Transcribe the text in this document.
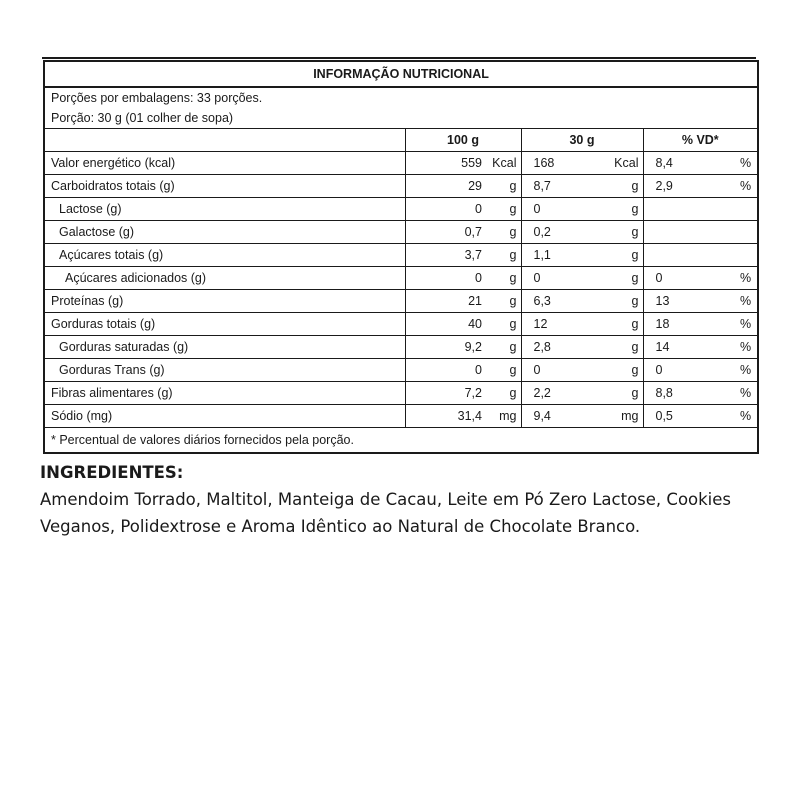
INFORMAÇÃO NUTRICIONAL						
Porções por embalagens: 33 porções.						
Porção: 30 g (01 colher de sopa)						
	100 g		30 g		% VD*	
Valor energético (kcal)	559	Kcal	168	Kcal	8,4	%
Carboidratos totais (g)	29	g	8,7	g	2,9	%
Lactose (g)	0	g	0	g		
Galactose (g)	0,7	g	0,2	g		
Açúcares totais (g)	3,7	g	1,1	g		
Açúcares adicionados (g)	0	g	0	g	0	%
Proteínas (g)	21	g	6,3	g	13	%
Gorduras totais (g)	40	g	12	g	18	%
Gorduras saturadas (g)	9,2	g	2,8	g	14	%
Gorduras Trans (g)	0	g	0	g	0	%
Fibras alimentares (g)	7,2	g	2,2	g	8,8	%
Sódio (mg)	31,4	mg	9,4	mg	0,5	%
* Percentual de valores diários fornecidos pela porção.						
INGREDIENTES:
Amendoim Torrado, Maltitol, Manteiga de Cacau, Leite em Pó Zero Lactose, Cookies Veganos, Polidextrose e Aroma Idêntico ao Natural de Chocolate Branco.
